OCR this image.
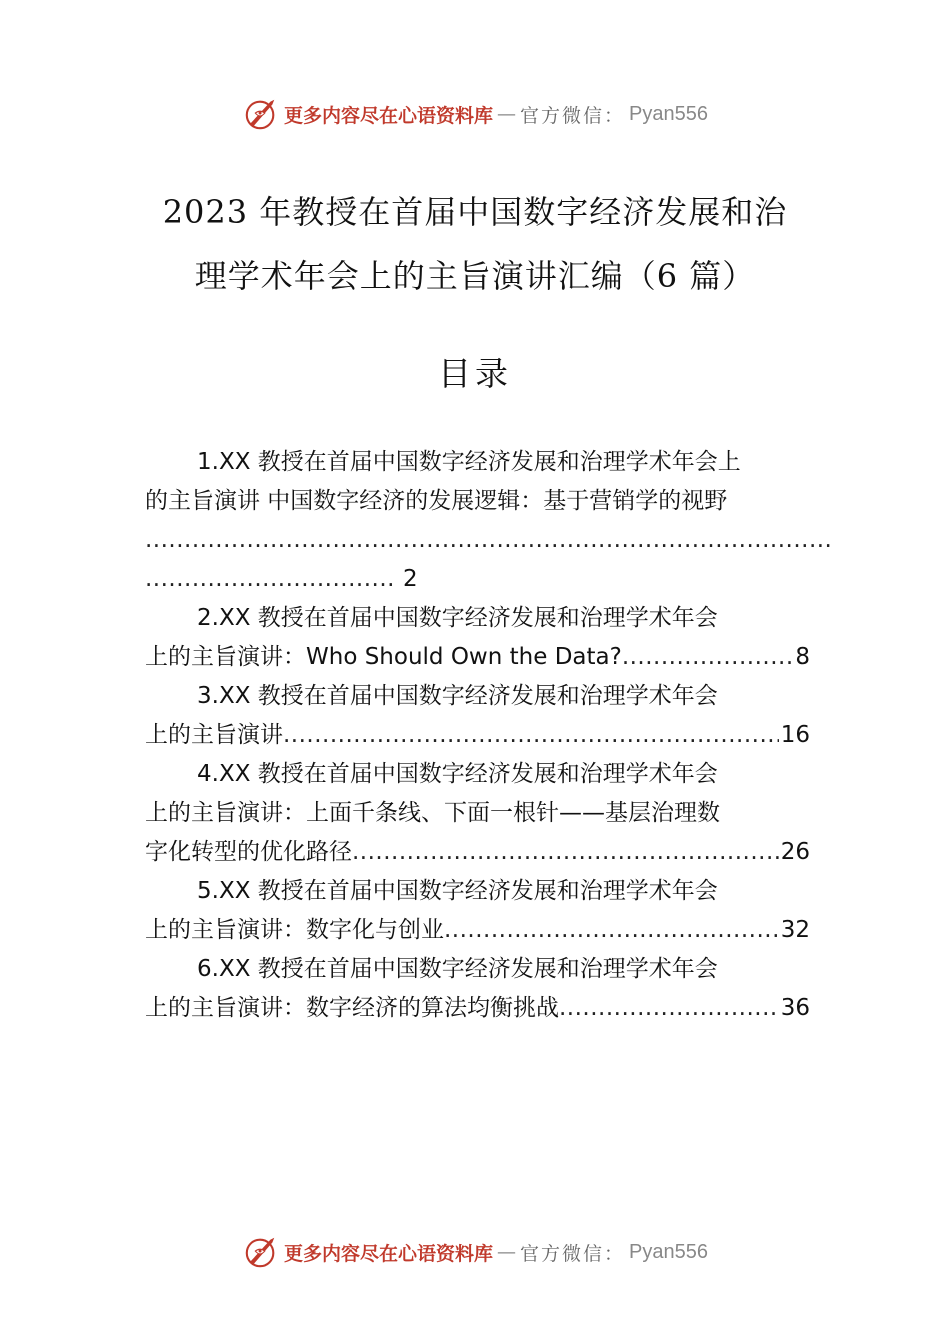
更多内容尽在心语资料库 — 官方微信： Pyan556
2023 年教授在首届中国数字经济发展和治
理学术年会上的主旨演讲汇编（6 篇）
目录
1.XX 教授在首届中国数字经济发展和治理学术年会上
的主旨演讲 中国数字经济的发展逻辑：基于营销学的视野
.....
.....
2
2.XX 教授在首届中国数字经济发展和治理学术年会
上的主旨演讲：Who Should Own the Data? .....	8
3.XX 教授在首届中国数字经济发展和治理学术年会
上的主旨演讲 .....	16
4.XX 教授在首届中国数字经济发展和治理学术年会
上的主旨演讲：上面千条线、下面一根针——基层治理数
字化转型的优化路径 .....	26
5.XX 教授在首届中国数字经济发展和治理学术年会
上的主旨演讲：数字化与创业 .....	32
6.XX 教授在首届中国数字经济发展和治理学术年会
上的主旨演讲：数字经济的算法均衡挑战 .....	36
更多内容尽在心语资料库 — 官方微信： Pyan556
